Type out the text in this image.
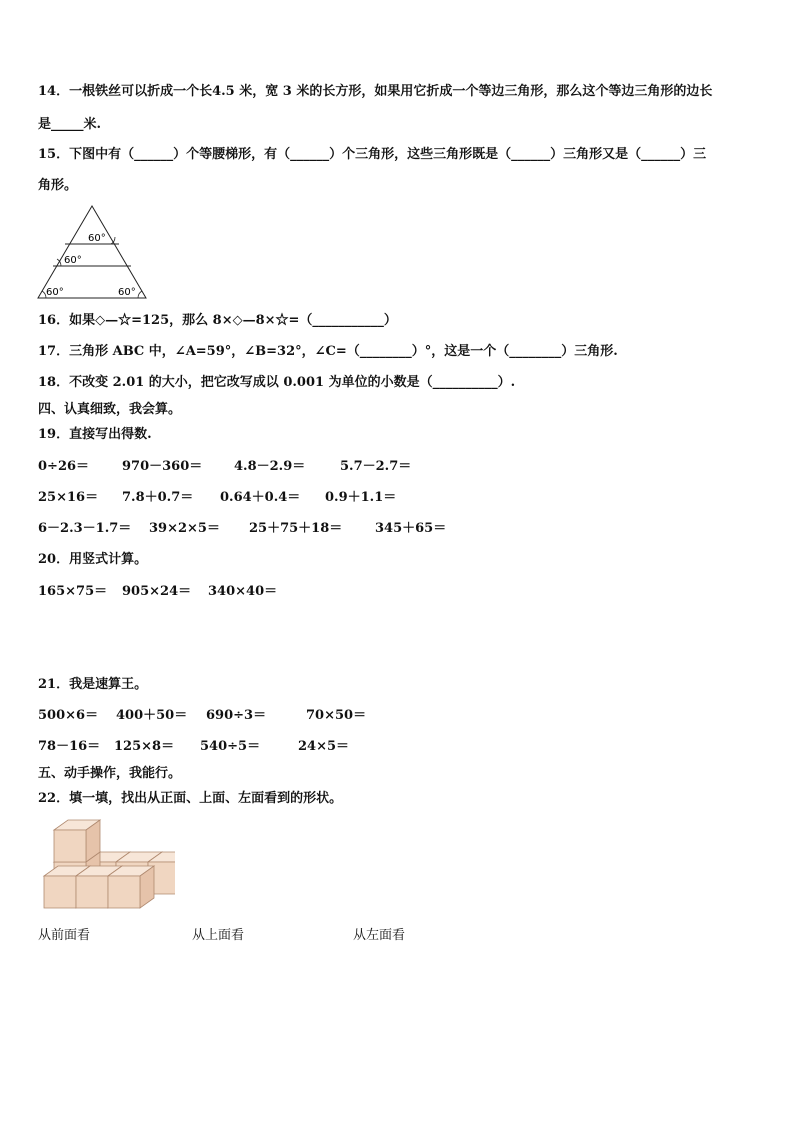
14．一根铁丝可以折成一个长4.5 米，宽 3 米的长方形，如果用它折成一个等边三角形，那么这个等边三角形的边长
是_____米.
15．下图中有（______）个等腰梯形，有（______）个三角形，这些三角形既是（______）三角形又是（______）三
角形。
60°
60°
60°	60°
16．如果◇—☆=125，那么 8×◇—8×☆=（___________）
17．三角形 ABC 中，∠A=59°，∠B=32°，∠C=（________）°，这是一个（________）三角形.
18．不改变 2.01 的大小，把它改写成以 0.001 为单位的小数是（__________）.
四、认真细致，我会算。
19．直接写出得数.
0÷26＝	970－360＝ 4.8－2.9＝	5.7－2.7＝
25×16＝ 7.8＋0.7＝ 0.64＋0.4＝ 0.9＋1.1＝
6－2.3－1.7＝ 39×2×5＝ 25＋75＋18＝	345＋65＝
20．用竖式计算。
165×75＝ 905×24＝ 340×40＝
21．我是速算王。
500×6＝ 400＋50＝ 690÷3＝	70×50＝
78－16＝ 125×8＝ 540÷5＝	24×5＝
五、动手操作，我能行。
22．填一填，找出从正面、上面、左面看到的形状。
从前面看	从上面看	从左面看
